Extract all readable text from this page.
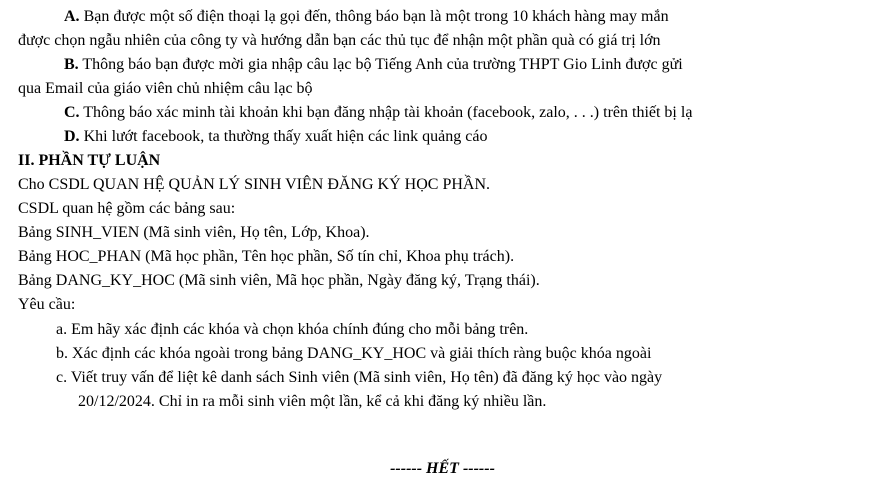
A. Bạn được một số điện thoại lạ gọi đến, thông báo bạn là một trong 10 khách hàng may mắn
được chọn ngẫu nhiên của công ty và hướng dẫn bạn các thủ tục để nhận một phần quà có giá trị lớn
B. Thông báo bạn được mời gia nhập câu lạc bộ Tiếng Anh của trường THPT Gio Linh được gửi
qua Email của giáo viên chủ nhiệm câu lạc bộ
C. Thông báo xác minh tài khoản khi bạn đăng nhập tài khoản (facebook, zalo, . . .) trên thiết bị lạ
D. Khi lướt facebook, ta thường thấy xuất hiện các link quảng cáo
II. PHẦN TỰ LUẬN
Cho CSDL QUAN HỆ QUẢN LÝ SINH VIÊN ĐĂNG KÝ HỌC PHẦN.
CSDL quan hệ gồm các bảng sau:
Bảng SINH_VIEN (Mã sinh viên, Họ tên, Lớp, Khoa).
Bảng HOC_PHAN (Mã học phần, Tên học phần, Số tín chỉ, Khoa phụ trách).
Bảng DANG_KY_HOC (Mã sinh viên, Mã học phần, Ngày đăng ký, Trạng thái).
Yêu cầu:
a. Em hãy xác định các khóa và chọn khóa chính đúng cho mỗi bảng trên.
b. Xác định các khóa ngoài trong bảng DANG_KY_HOC và giải thích ràng buộc khóa ngoài
c. Viết truy vấn để liệt kê danh sách Sinh viên (Mã sinh viên, Họ tên) đã đăng ký học vào ngày
20/12/2024. Chỉ in ra mỗi sinh viên một lần, kể cả khi đăng ký nhiều lần.
------ HẾT ------
